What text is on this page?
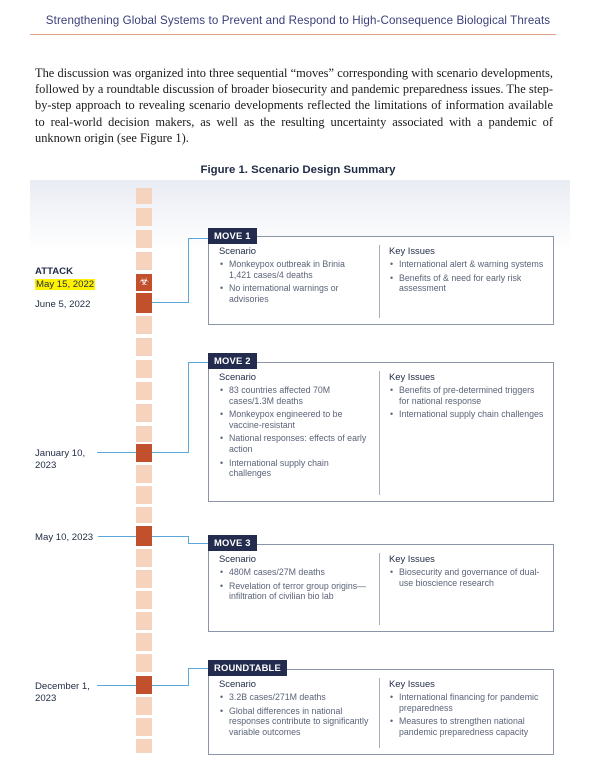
Strengthening Global Systems to Prevent and Respond to High-Consequence Biological Threats

The discussion was organized into three sequential “moves” corresponding with scenario developments, followed by a roundtable discussion of broader biosecurity and pandemic preparedness issues. The step-by-step approach to revealing scenario developments reflected the limitations of information available to real-world decision makers, as well as the resulting uncertainty associated with a pandemic of unknown origin (see Figure 1).

Figure 1. Scenario Design Summary
☣
ATTACK
May 15, 2022
June 5, 2022
January 10, 2023
May 10, 2023
December 1, 2023
Scenario
• Monkeypox outbreak in Brinia 1,421 cases/4 deaths
• No international warnings or advisories
Key Issues
• International alert & warning systems
• Benefits of & need for early risk assessment
MOVE 1
Scenario
• 83 countries affected 70M cases/1.3M deaths
• Monkeypox engineered to be vaccine-resistant
• National responses: effects of early action
• International supply chain challenges
Key Issues
• Benefits of pre-determined triggers for national response
• International supply chain challenges
MOVE 2
Scenario
• 480M cases/27M deaths
• Revelation of terror group origins—infiltration of civilian bio lab
Key Issues
• Biosecurity and governance of dual-use bioscience research
MOVE 3
Scenario
• 3.2B cases/271M deaths
• Global differences in national responses contribute to significantly variable outcomes
Key Issues
• International financing for pandemic preparedness
• Measures to strengthen national pandemic preparedness capacity
ROUNDTABLE
